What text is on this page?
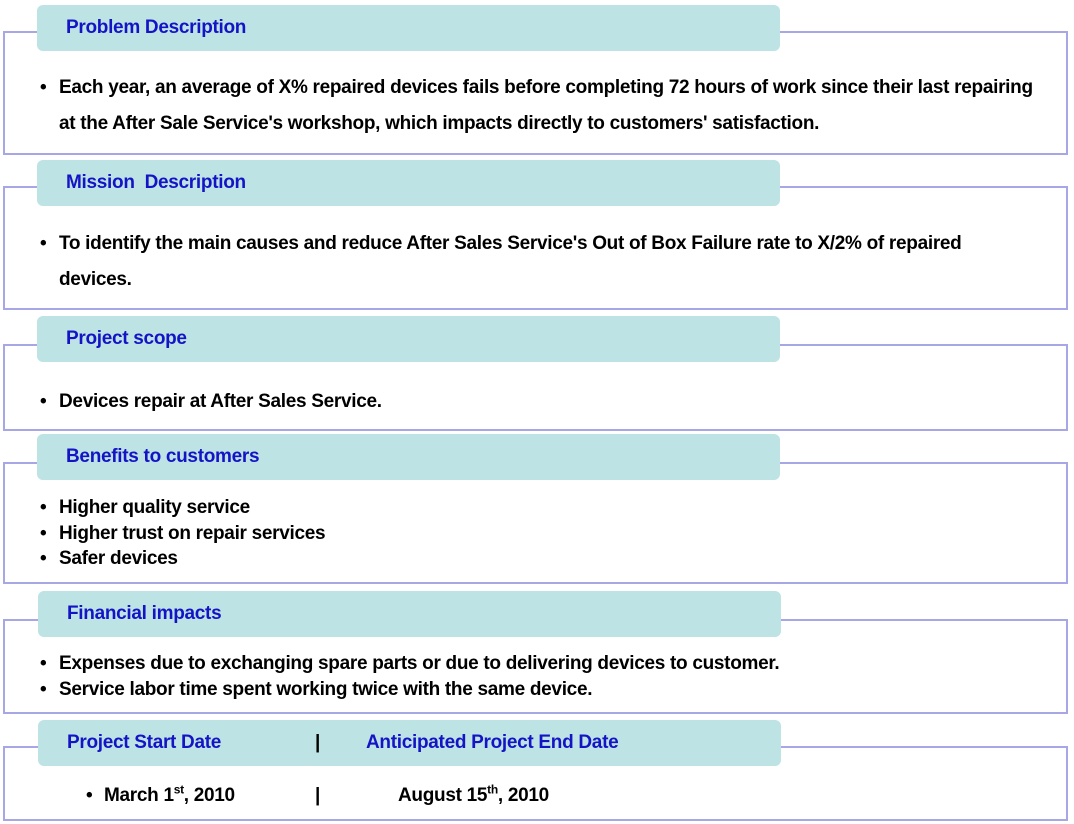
Problem Description
• Each year, an average of X% repaired devices fails before completing 72 hours of work since their last repairing at the After Sale Service's workshop, which impacts directly to customers' satisfaction.
Mission  Description
• To identify the main causes and reduce After Sales Service's Out of Box Failure rate to X/2% of repaired devices.
Project scope
• Devices repair at After Sales Service.
Benefits to customers
• Higher quality service
• Higher trust on repair services
• Safer devices
Financial impacts
• Expenses due to exchanging spare parts or due to delivering devices to customer.
• Service labor time spent working twice with the same device.
Project Start Date	| Anticipated Project End Date
• March 1st, 2010	|	August 15th, 2010
